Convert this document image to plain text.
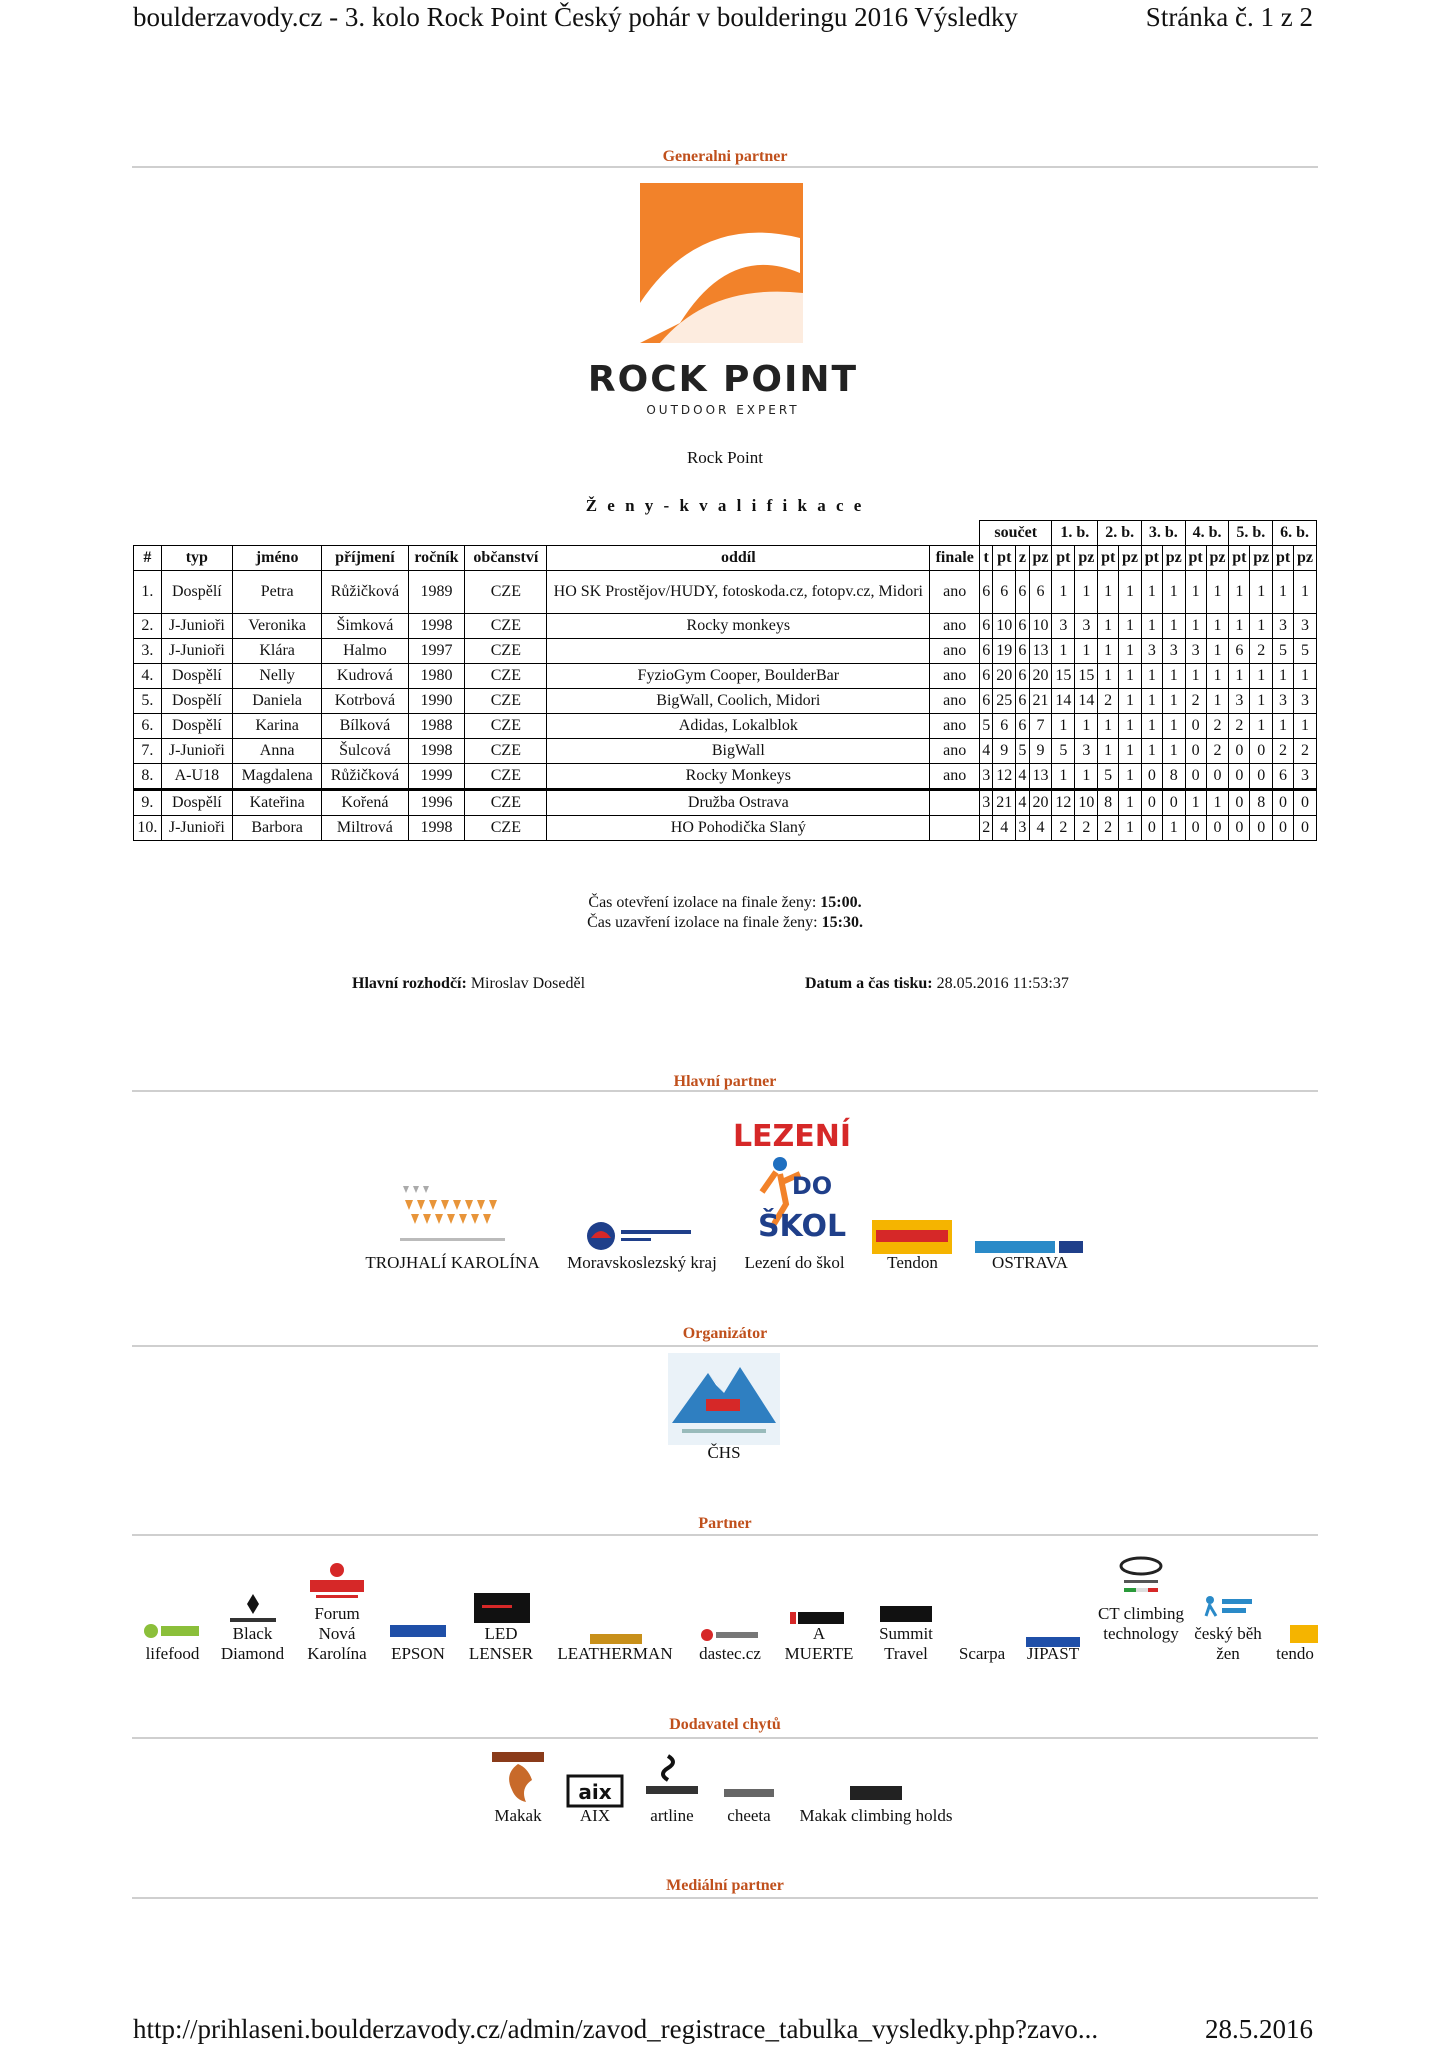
boulderzavody.cz - 3. kolo Rock Point Český pohár v boulderingu 2016 Výsledky	Stránka č. 1 z 2
Generalni partner
ROCK POINT
OUTDOOR EXPERT
Rock Point
Ž e n y - k v a l i f i k a c e
								součet				1. b.		2. b.		3. b.		4. b.		5. b.		6. b.	
#	typ	jméno	příjmení	ročník	občanství	oddíl	finale	t	pt	z	pz	pt	pz	pt	pz	pt	pz	pt	pz	pt	pz	pt	pz
1.	Dospělí	Petra	Růžičková	1989	CZE	HO SK Prostějov/HUDY, fotoskoda.cz, fotopv.cz, Midori	ano	6	6	6	6	1	1	1	1	1	1	1	1	1	1	1	1
2.	J-Junioři	Veronika	Šimková	1998	CZE	Rocky monkeys	ano	6	10	6	10	3	3	1	1	1	1	1	1	1	1	3	3
3.	J-Junioři	Klára	Halmo	1997	CZE		ano	6	19	6	13	1	1	1	1	3	3	3	1	6	2	5	5
4.	Dospělí	Nelly	Kudrová	1980	CZE	FyzioGym Cooper, BoulderBar	ano	6	20	6	20	15	15	1	1	1	1	1	1	1	1	1	1
5.	Dospělí	Daniela	Kotrbová	1990	CZE	BigWall, Coolich, Midori	ano	6	25	6	21	14	14	2	1	1	1	2	1	3	1	3	3
6.	Dospělí	Karina	Bílková	1988	CZE	Adidas, Lokalblok	ano	5	6	6	7	1	1	1	1	1	1	0	2	2	1	1	1
7.	J-Junioři	Anna	Šulcová	1998	CZE	BigWall	ano	4	9	5	9	5	3	1	1	1	1	0	2	0	0	2	2
8.	A-U18	Magdalena	Růžičková	1999	CZE	Rocky Monkeys	ano	3	12	4	13	1	1	5	1	0	8	0	0	0	0	6	3
9.	Dospělí	Kateřina	Kořená	1996	CZE	Družba Ostrava		3	21	4	20	12	10	8	1	0	0	1	1	0	8	0	0
10.	J-Junioři	Barbora	Miltrová	1998	CZE	HO Pohodička Slaný		2	4	3	4	2	2	2	1	0	1	0	0	0	0	0	0
Čas otevření izolace na finale ženy: 15:00.
Čas uzavření izolace na finale ženy: 15:30.
Hlavní rozhodčí: Miroslav Doseděl	Datum a čas tisku: 28.05.2016 11:53:37
Hlavní partner
LEZENÍ
DO
ŠKOL
TROJHALÍ KAROLÍNA	Moravskoslezský kraj	Lezení do škol	Tendon	OSTRAVA
Organizátor
ČHS
Partner
lifefood
Black Diamond
Forum Nová Karolína	EPSON
LED LENSER	LEATHERMAN	dastec.cz
A MUERTE
Summit Travel	Scarpa	JIPAST
CT climbing technology český běh žen	tendo
Dodavatel chytů
aix
Makak	AIX	artline	cheeta	Makak climbing holds
Mediální partner
http://prihlaseni.boulderzavody.cz/admin/zavod_registrace_tabulka_vysledky.php?zavo...	28.5.2016
